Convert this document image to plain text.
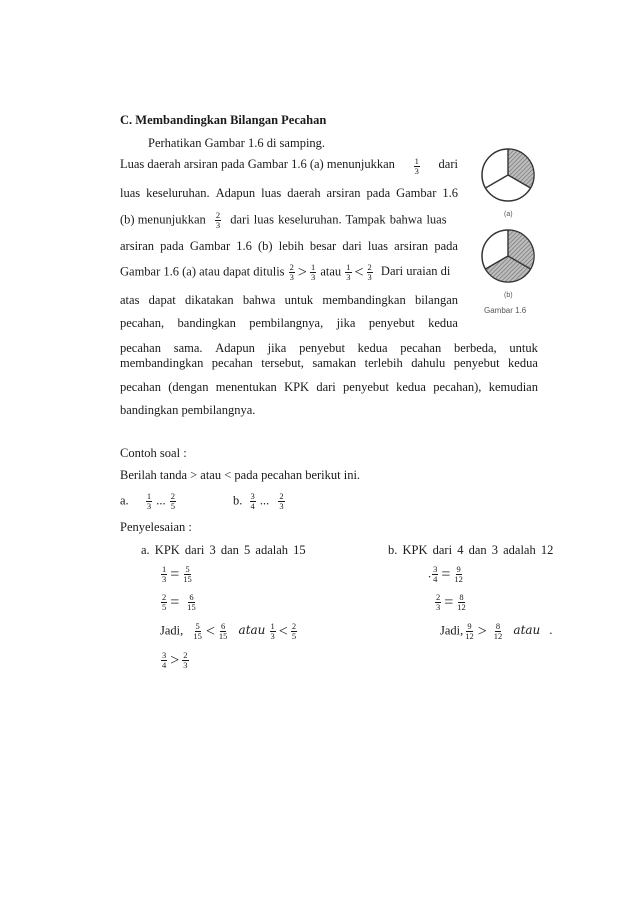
C. Membandingkan Bilangan Pecahan
Perhatikan Gambar 1.6 di samping.
Luas daerah arsiran pada Gambar 1.6 (a) menunjukkan $\frac{1}{3}$ dari
luas keseluruhan. Adapun luas daerah arsiran pada Gambar 1.6
(b) menunjukkan $\frac{2}{3}$ dari luas keseluruhan. Tampak bahwa luas
arsiran pada Gambar 1.6 (b) lebih besar dari luas arsiran pada
Gambar 1.6 (a) atau dapat ditulis $\frac{2}{3} > \frac{1}{3}$ atau $\frac{1}{3} < \frac{2}{3}$ Dari uraian di
atas dapat dikatakan bahwa untuk membandingkan bilangan
pecahan, bandingkan pembilangnya, jika penyebut kedua
pecahan sama. Adapun jika penyebut kedua pecahan berbeda, untuk
membandingkan pecahan tersebut, samakan terlebih dahulu penyebut kedua
pecahan (dengan menentukan KPK dari penyebut kedua pecahan), kemudian
bandingkan pembilangnya.
(a)
(b)
Gambar 1.6
Contoh soal :
Berilah tanda > atau < pada pecahan berikut ini.
a. $\frac{1}{3}$ ... $\frac{2}{5}$	b. $\frac{3}{4}$ ... $\frac{2}{3}$
Penyelesaian :
a. KPK dari 3 dan 5 adalah 15
$\frac{1}{3} = \frac{5}{15}$
$\frac{2}{5} = \frac{6}{15}$
Jadi, $\frac{5}{15} < \frac{6}{15}$ atau $\frac{1}{3} < \frac{2}{5}$
$\frac{3}{4} > \frac{2}{3}$
b. KPK dari 4 dan 3 adalah 12
. $\frac{3}{4} = \frac{9}{12}$
$\frac{2}{3} = \frac{8}{12}$
Jadi, $\frac{9}{12} > \frac{8}{12}$ atau .
